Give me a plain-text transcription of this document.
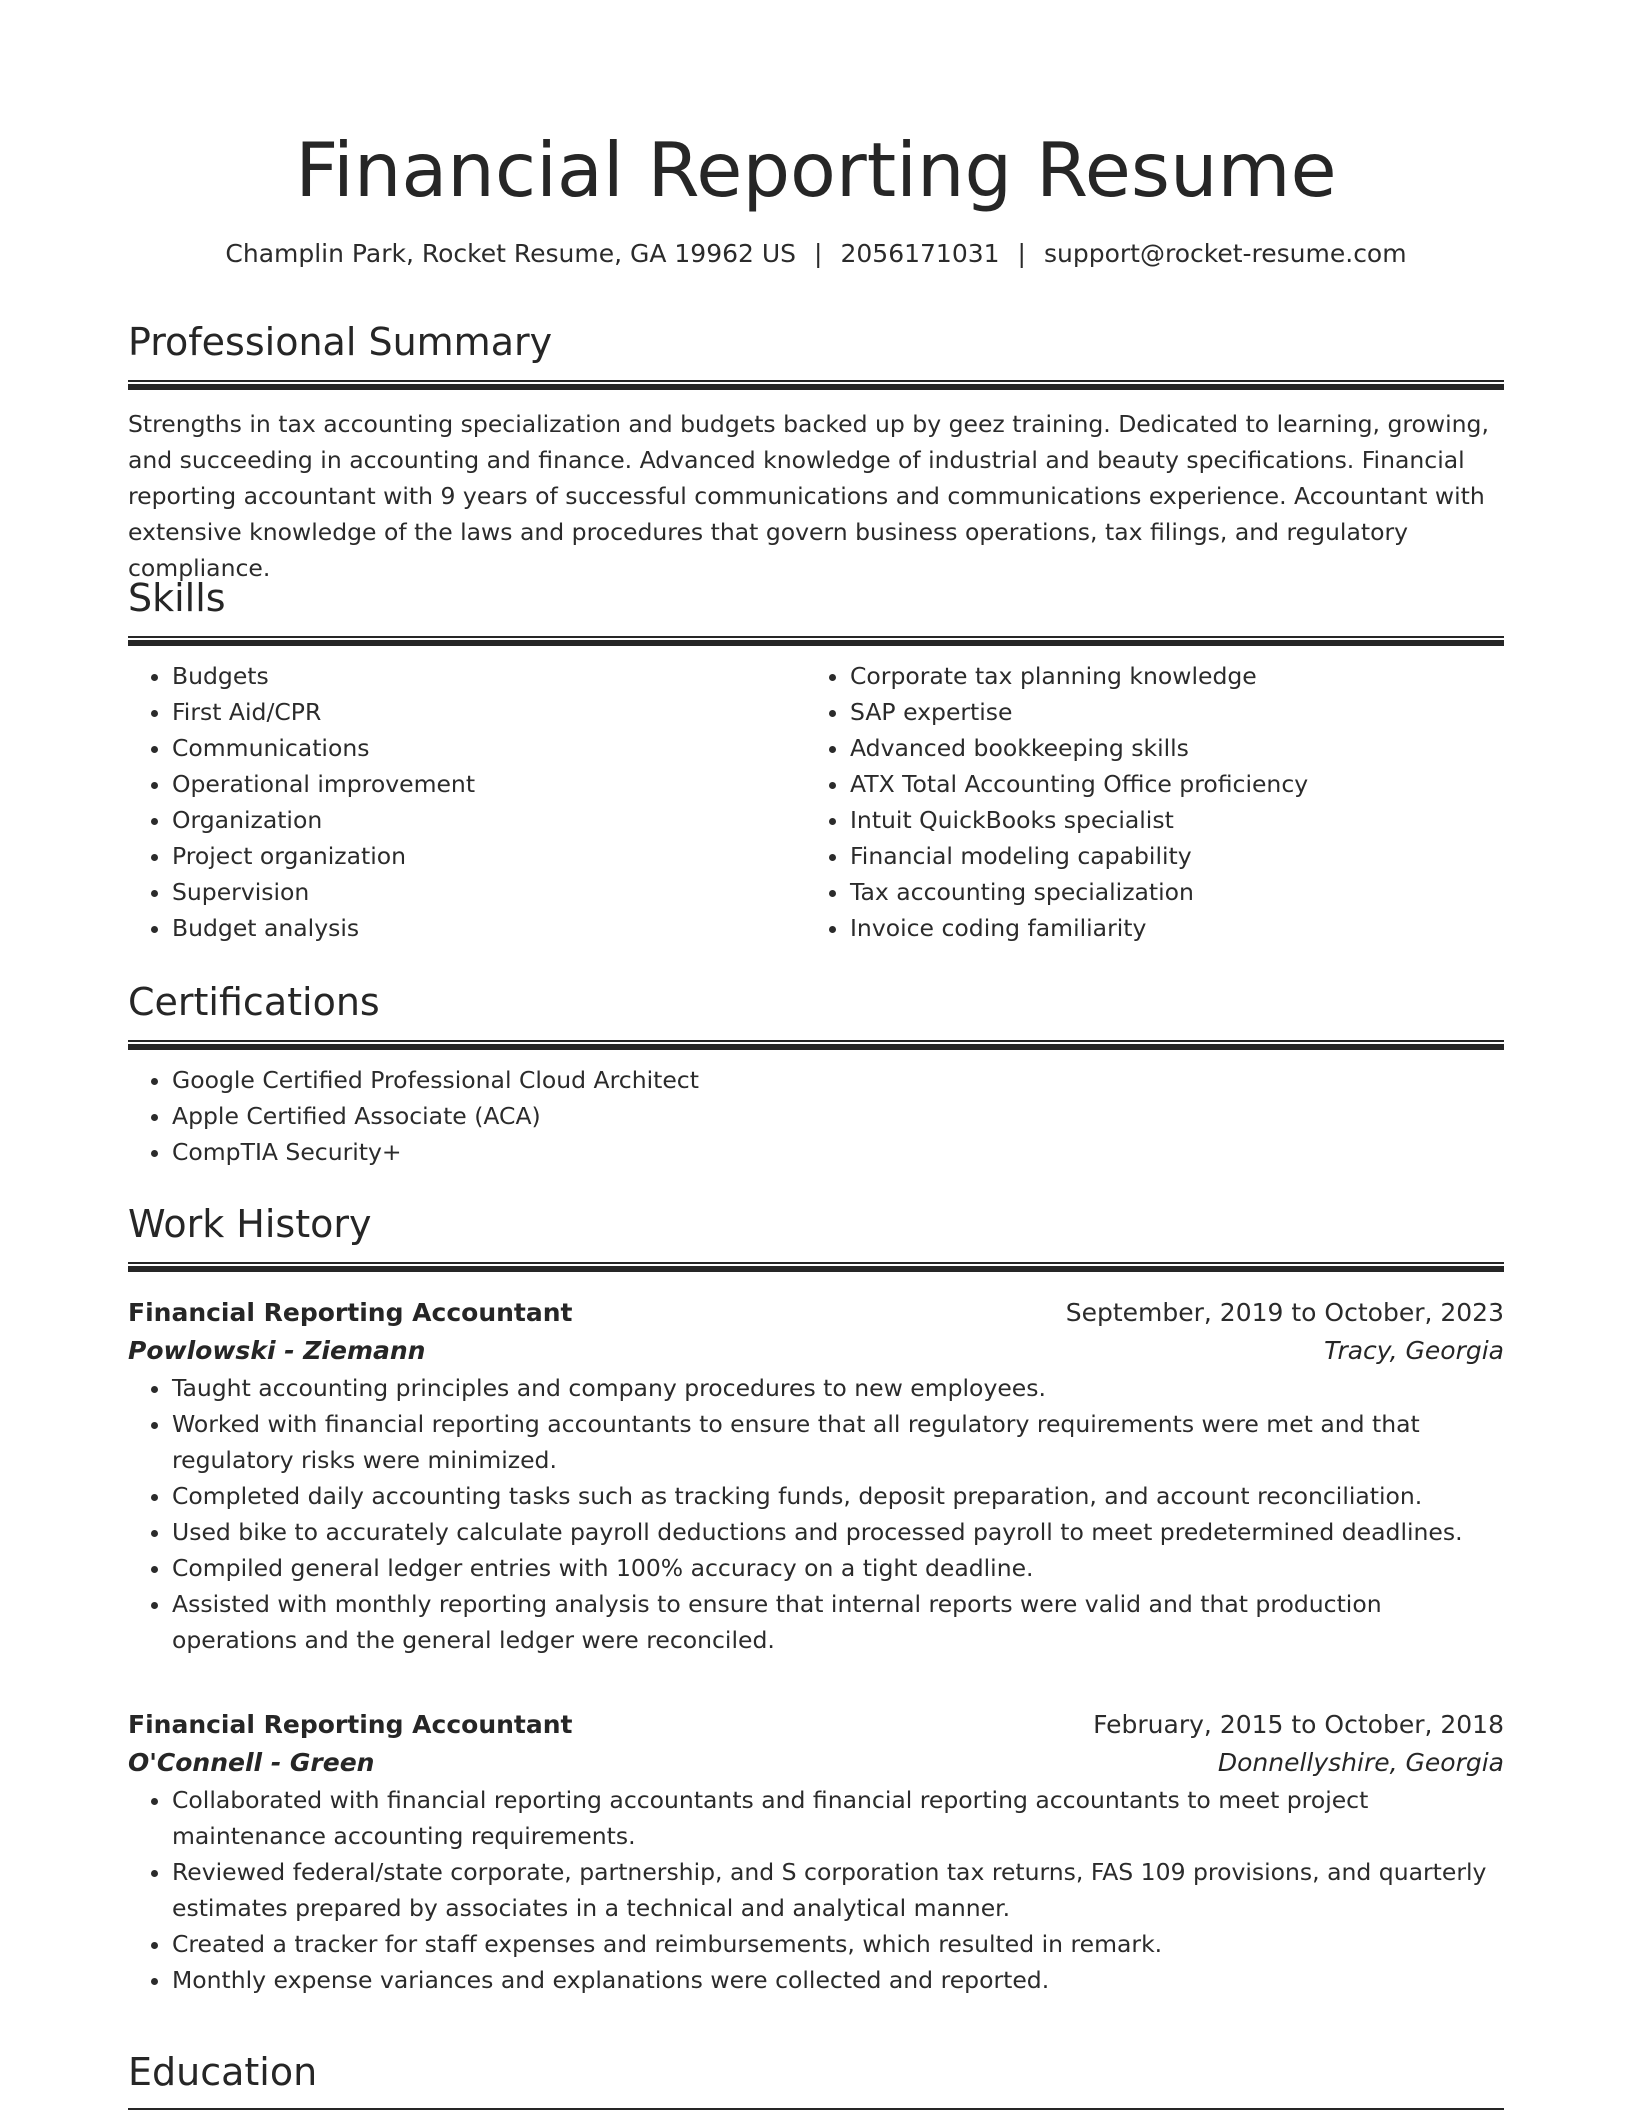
Financial Reporting Resume
Champlin Park, Rocket Resume, GA 19962 US | 2056171031 | support@rocket-resume.com
Professional Summary

Strengths in tax accounting specialization and budgets backed up by geez training. Dedicated to learning, growing, and succeeding in accounting and finance. Advanced knowledge of industrial and beauty specifications. Financial reporting accountant with 9 years of successful communications and communications experience. Accountant with extensive knowledge of the laws and procedures that govern business operations, tax filings, and regulatory compliance.

Skills
• Budgets
• First Aid/CPR
• Communications
• Operational improvement
• Organization
• Project organization
• Supervision
• Budget analysis
• Corporate tax planning knowledge
• SAP expertise
• Advanced bookkeeping skills
• ATX Total Accounting Office proficiency
• Intuit QuickBooks specialist
• Financial modeling capability
• Tax accounting specialization
• Invoice coding familiarity
Certifications
• Google Certified Professional Cloud Architect
• Apple Certified Associate (ACA)
• CompTIA Security+
Work History
Financial Reporting Accountant	September, 2019 to October, 2023
Powlowski - Ziemann	Tracy, Georgia
• Taught accounting principles and company procedures to new employees.
• Worked with financial reporting accountants to ensure that all regulatory requirements were met and that regulatory risks were minimized.
• Completed daily accounting tasks such as tracking funds, deposit preparation, and account reconciliation.
• Used bike to accurately calculate payroll deductions and processed payroll to meet predetermined deadlines.
• Compiled general ledger entries with 100% accuracy on a tight deadline.
• Assisted with monthly reporting analysis to ensure that internal reports were valid and that production operations and the general ledger were reconciled.
Financial Reporting Accountant	February, 2015 to October, 2018
O'Connell - Green	Donnellyshire, Georgia
• Collaborated with financial reporting accountants and financial reporting accountants to meet project maintenance accounting requirements.
• Reviewed federal/state corporate, partnership, and S corporation tax returns, FAS 109 provisions, and quarterly estimates prepared by associates in a technical and analytical manner.
• Created a tracker for staff expenses and reimbursements, which resulted in remark.
• Monthly expense variances and explanations were collected and reported.
Education
